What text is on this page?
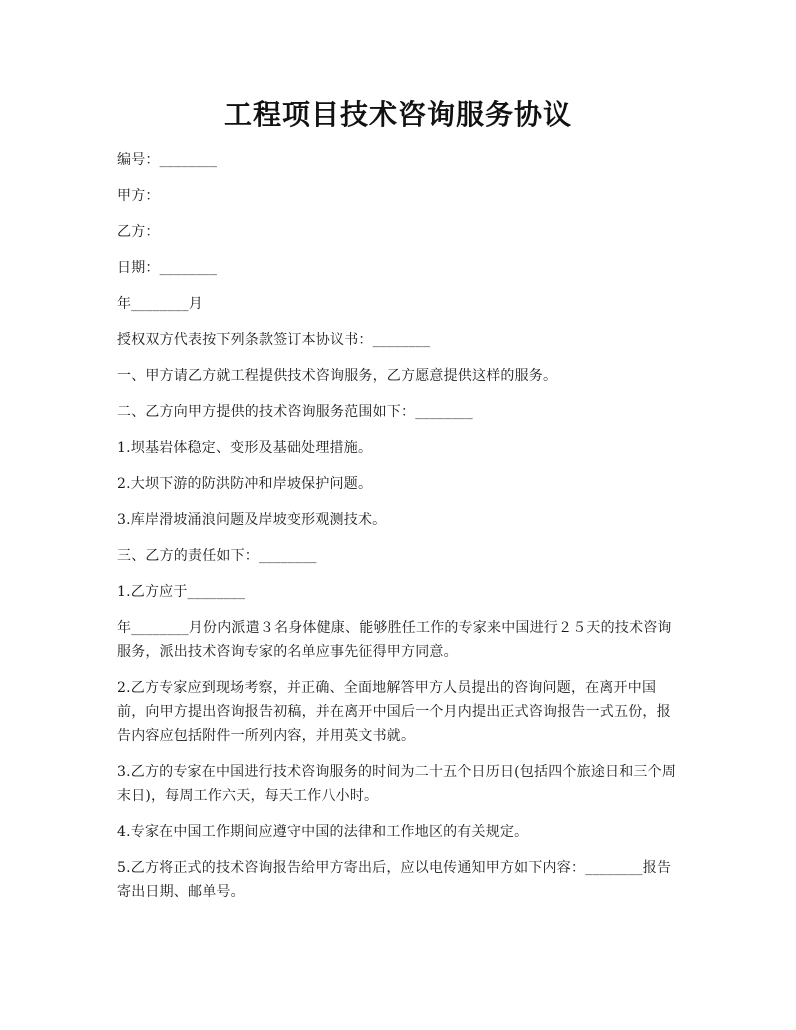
工程项目技术咨询服务协议

编号：________

甲方：

乙方：

日期：________

年________月

授权双方代表按下列条款签订本协议书：________

一、甲方请乙方就工程提供技术咨询服务，乙方愿意提供这样的服务。

二、乙方向甲方提供的技术咨询服务范围如下：________

1.坝基岩体稳定、变形及基础处理措施。

2.大坝下游的防洪防冲和岸坡保护问题。

3.库岸滑坡涌浪问题及岸坡变形观测技术。

三、乙方的责任如下：________

1.乙方应于________

年________月份内派遣３名身体健康、能够胜任工作的专家来中国进行２５天的技术咨询服务，派出技术咨询专家的名单应事先征得甲方同意。

2.乙方专家应到现场考察，并正确、全面地解答甲方人员提出的咨询问题，在离开中国前，向甲方提出咨询报告初稿，并在离开中国后一个月内提出正式咨询报告一式五份，报告内容应包括附件一所列内容，并用英文书就。

3.乙方的专家在中国进行技术咨询服务的时间为二十五个日历日(包括四个旅途日和三个周末日)，每周工作六天，每天工作八小时。

4.专家在中国工作期间应遵守中国的法律和工作地区的有关规定。

5.乙方将正式的技术咨询报告给甲方寄出后，应以电传通知甲方如下内容：________报告寄出日期、邮单号。
